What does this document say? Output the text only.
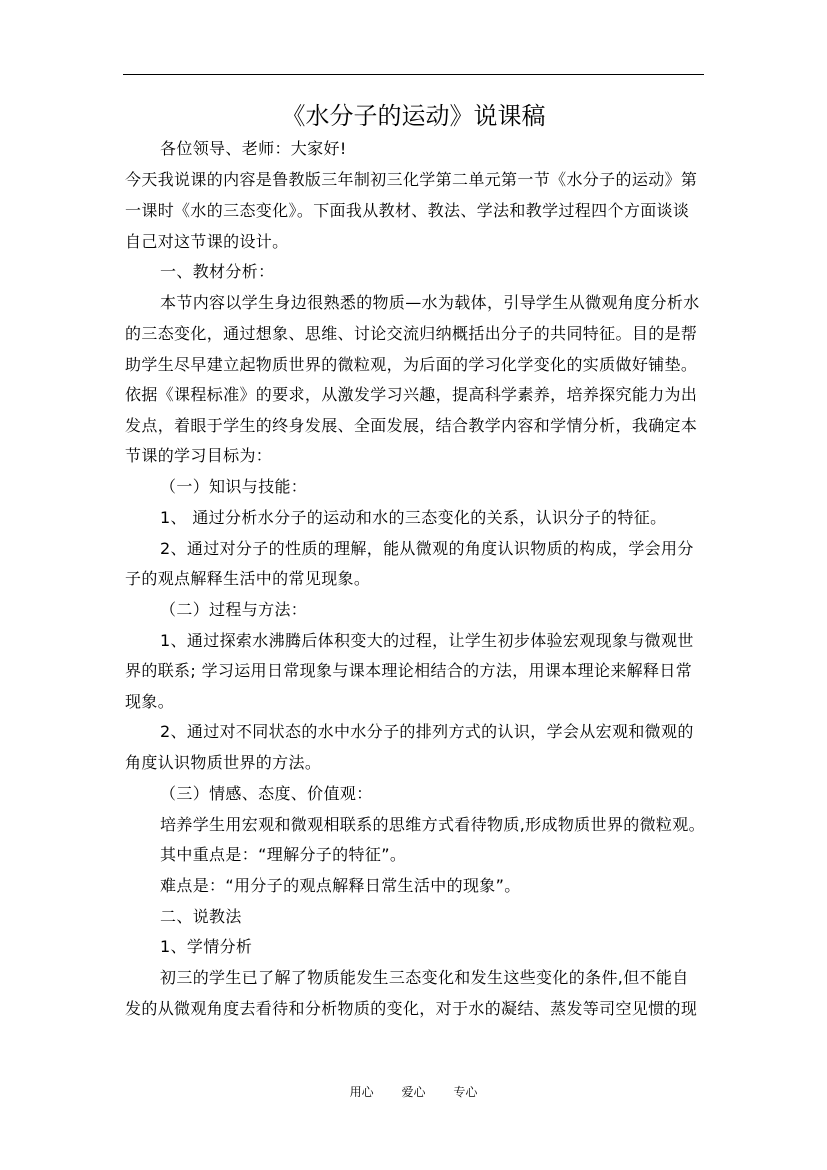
《水分子的运动》说课稿
各位领导、老师：大家好!
今天我说课的内容是鲁教版三年制初三化学第二单元第一节《水分子的运动》第
一课时《水的三态变化》。下面我从教材、教法、学法和教学过程四个方面谈谈
自己对这节课的设计。
一、教材分析：
本节内容以学生身边很熟悉的物质—水为载体，引导学生从微观角度分析水
的三态变化，通过想象、思维、讨论交流归纳概括出分子的共同特征。目的是帮
助学生尽早建立起物质世界的微粒观，为后面的学习化学变化的实质做好铺垫。
依据《课程标准》的要求，从激发学习兴趣，提高科学素养，培养探究能力为出
发点，着眼于学生的终身发展、全面发展，结合教学内容和学情分析，我确定本
节课的学习目标为：
（一）知识与技能：
1、 通过分析水分子的运动和水的三态变化的关系，认识分子的特征。
2、通过对分子的性质的理解，能从微观的角度认识物质的构成，学会用分
子的观点解释生活中的常见现象。
（二）过程与方法：
1、通过探索水沸腾后体积变大的过程，让学生初步体验宏观现象与微观世
界的联系; 学习运用日常现象与课本理论相结合的方法，用课本理论来解释日常
现象。
2、通过对不同状态的水中水分子的排列方式的认识，学会从宏观和微观的
角度认识物质世界的方法。
（三）情感、态度、价值观：
培养学生用宏观和微观相联系的思维方式看待物质,形成物质世界的微粒观。
其中重点是：“理解分子的特征”。
难点是：“用分子的观点解释日常生活中的现象”。
二、说教法
1、学情分析
初三的学生已了解了物质能发生三态变化和发生这些变化的条件,但不能自
发的从微观角度去看待和分析物质的变化，对于水的凝结、蒸发等司空见惯的现
用心 爱心 专心
